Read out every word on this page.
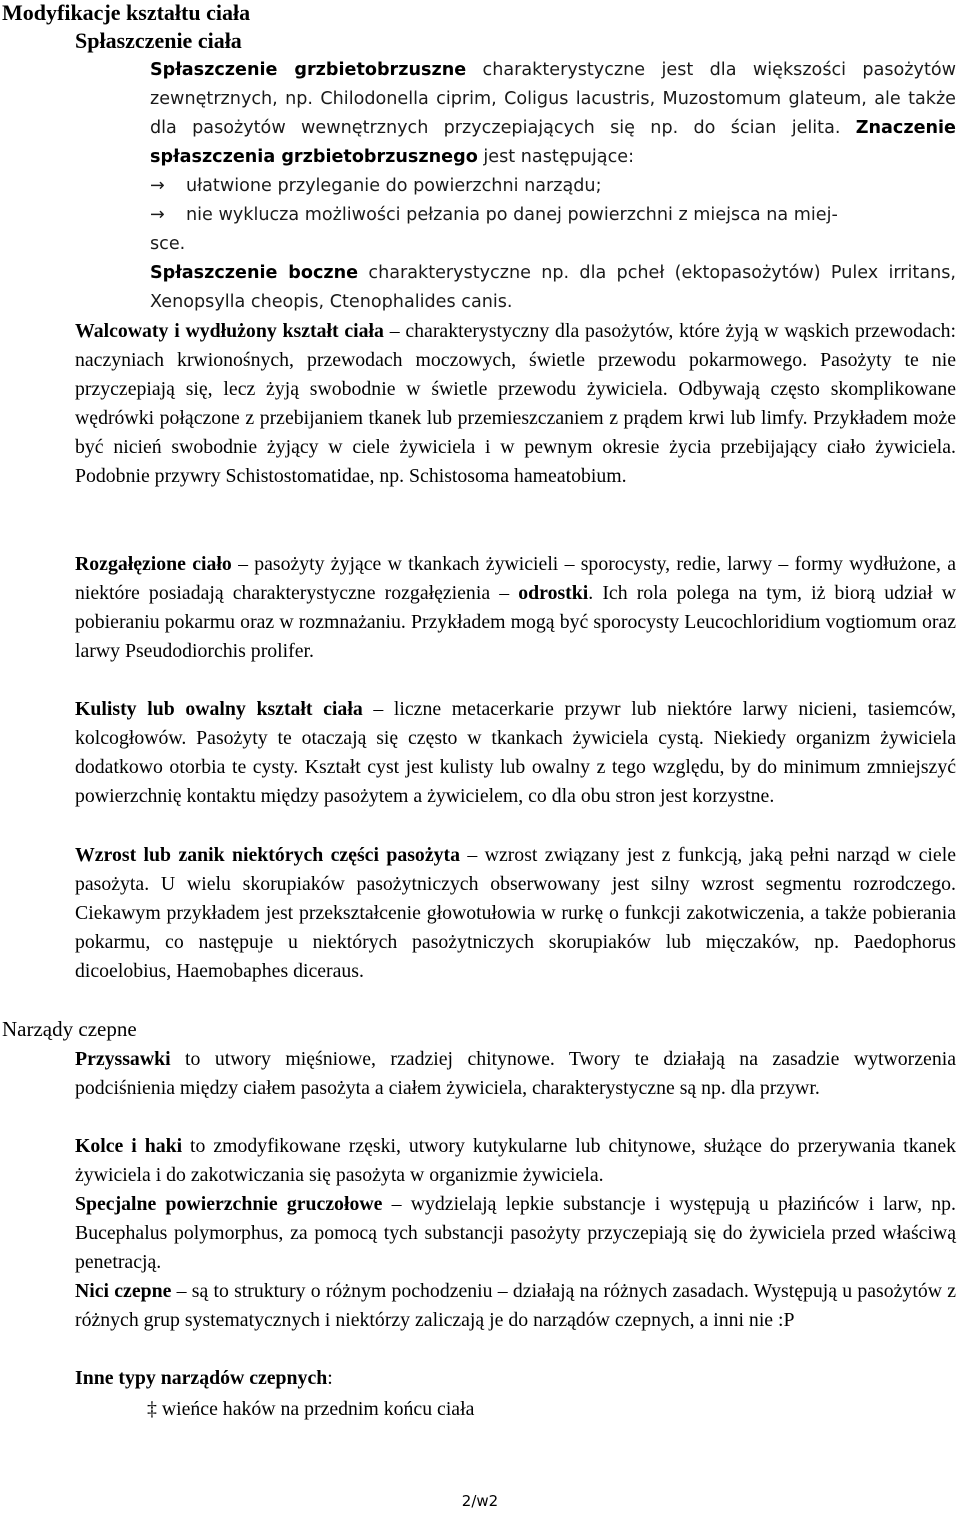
Modyfikacje kształtu ciała
Spłaszczenie ciała

Spłaszczenie grzbietobrzuszne charakterystyczne jest dla większości pasożytów zewnętrznych, np. Chilodonella ciprim, Coligus lacustris, Muzostomum glateum, ale także dla pasożytów wewnętrznych przyczepiających się np. do ścian jelita. Znaczenie spłaszczenia grzbietobrzusznego jest następujące:

→ ułatwione przyleganie do powierzchni narządu;
→ nie wyklucza możliwości pełzania po danej powierzchni z miejsca na miej-
sce.

Spłaszczenie boczne charakterystyczne np. dla pcheł (ektopasożytów) Pulex irritans, Xenopsylla cheopis, Ctenophalides canis.

Walcowaty i wydłużony kształt ciała – charakterystyczny dla pasożytów, które żyją w wąskich przewodach: naczyniach krwionośnych, przewodach moczowych, świetle przewodu pokarmowego. Pasożyty te nie przyczepiają się, lecz żyją swobodnie w świetle przewodu żywiciela. Odbywają często skomplikowane wędrówki połączone z przebijaniem tkanek lub przemieszczaniem z prądem krwi lub limfy. Przykładem może być nicień swobodnie żyjący w ciele żywiciela i w pewnym okresie życia przebijający ciało żywiciela. Podobnie przywry Schistostomatidae, np. Schistosoma hameatobium.

Rozgałęzione ciało – pasożyty żyjące w tkankach żywicieli – sporocysty, redie, larwy – formy wydłużone, a niektóre posiadają charakterystyczne rozgałęzienia – odrostki. Ich rola polega na tym, iż biorą udział w pobieraniu pokarmu oraz w rozmnażaniu. Przykładem mogą być sporocysty Leucochloridium vogtiomum oraz larwy Pseudodiorchis prolifer.

Kulisty lub owalny kształt ciała – liczne metacerkarie przywr lub niektóre larwy nicieni, tasiemców, kolcogłowów. Pasożyty te otaczają się często w tkankach żywiciela cystą. Niekiedy organizm żywiciela dodatkowo otorbia te cysty. Kształt cyst jest kulisty lub owalny z tego względu, by do minimum zmniejszyć powierzchnię kontaktu między pasożytem a żywicielem, co dla obu stron jest korzystne.

Wzrost lub zanik niektórych części pasożyta – wzrost związany jest z funkcją, jaką pełni narząd w ciele pasożyta. U wielu skorupiaków pasożytniczych obserwowany jest silny wzrost segmentu rozrodczego. Ciekawym przykładem jest przekształcenie głowotułowia w rurkę o funkcji zakotwiczenia, a także pobierania pokarmu, co następuje u niektórych pasożytniczych skorupiaków lub mięczaków, np. Paedophorus dicoelobius, Haemobaphes diceraus.

Narządy czepne

Przyssawki to utwory mięśniowe, rzadziej chitynowe. Twory te działają na zasadzie wytworzenia podciśnienia między ciałem pasożyta a ciałem żywiciela, charakterystyczne są np. dla przywr.

Kolce i haki to zmodyfikowane rzęski, utwory kutykularne lub chitynowe, służące do przerywania tkanek żywiciela i do zakotwiczania się pasożyta w organizmie żywiciela.

Specjalne powierzchnie gruczołowe – wydzielają lepkie substancje i występują u płazińców i larw, np. Bucephalus polymorphus, za pomocą tych substancji pasożyty przyczepiają się do żywiciela przed właściwą penetracją.

Nici czepne – są to struktury o różnym pochodzeniu – działają na różnych zasadach. Występują u pasożytów z różnych grup systematycznych i niektórzy zaliczają je do narządów czepnych, a inni nie :P

Inne typy narządów czepnych:

‡ wieńce haków na przednim końcu ciała
2/w2
